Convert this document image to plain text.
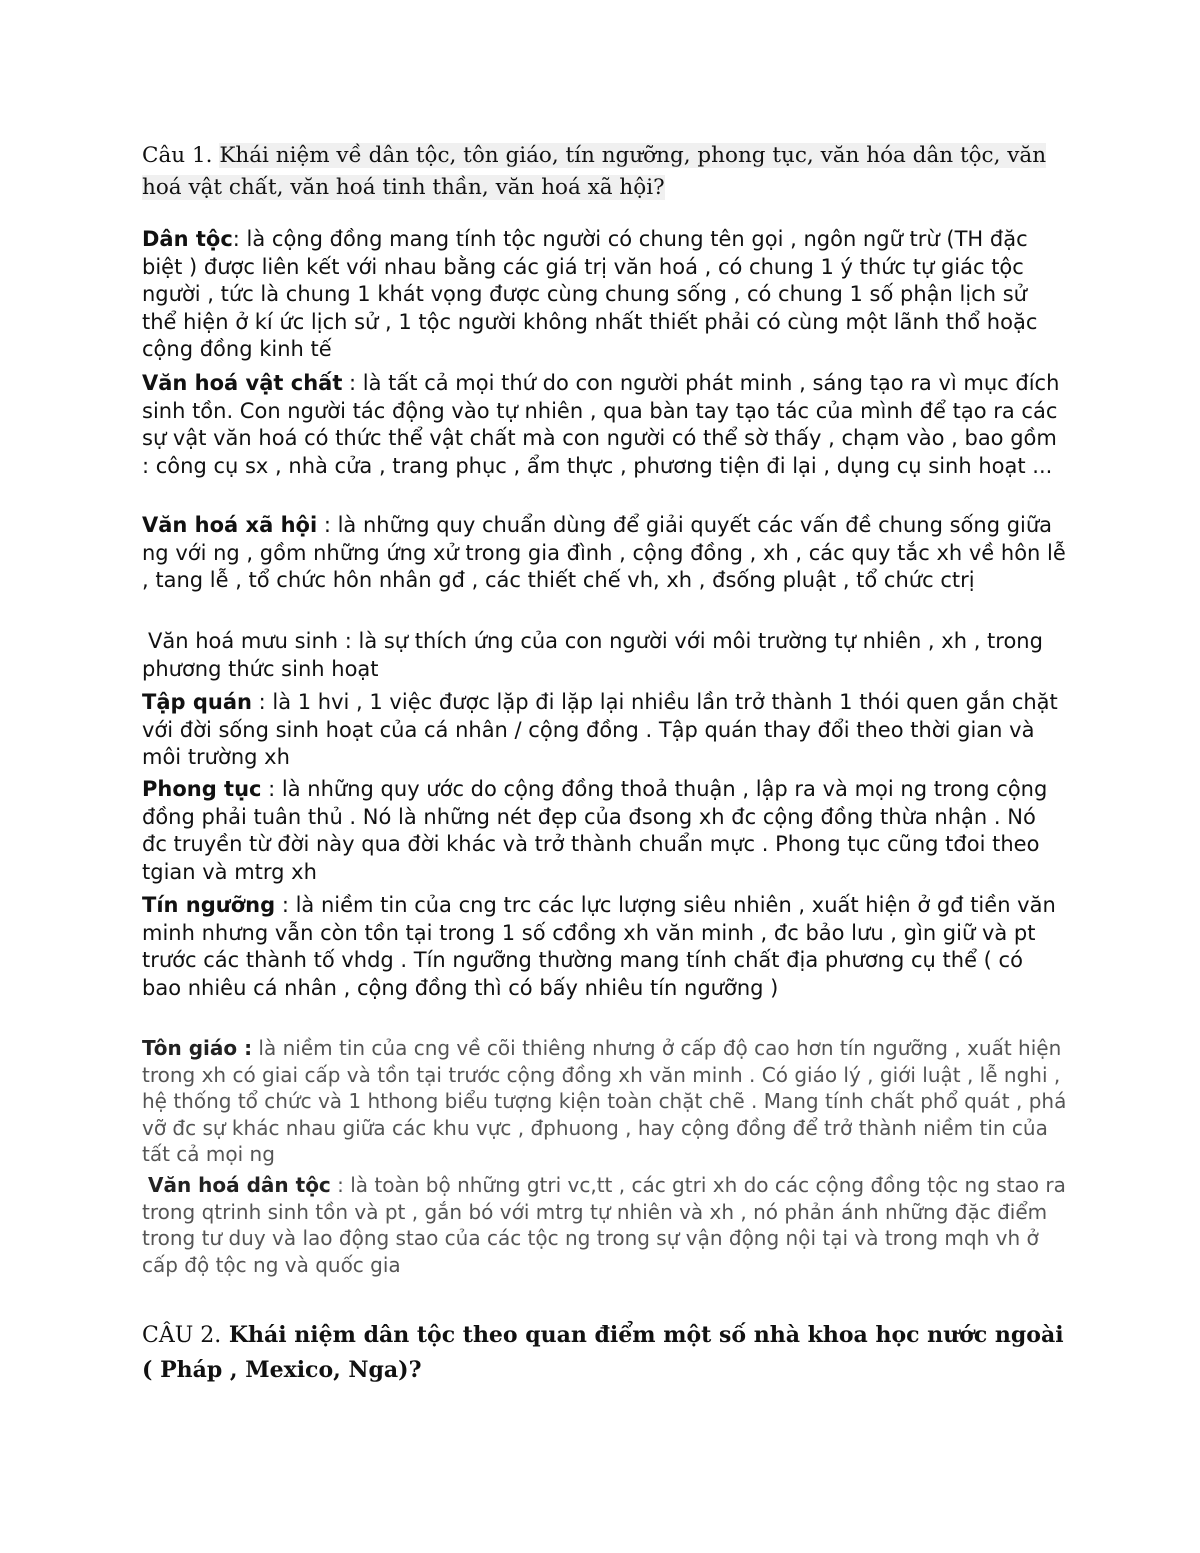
Câu 1. Khái niệm về dân tộc, tôn giáo, tín ngưỡng, phong tục, văn hóa dân tộc, văn hoá vật chất, văn hoá tinh thần, văn hoá xã hội?

Dân tộc: là cộng đồng mang tính tộc người có chung tên gọi , ngôn ngữ trừ (TH đặc biệt ) được liên kết với nhau bằng các giá trị văn hoá , có chung 1 ý thức tự giác tộc người , tức là chung 1 khát vọng được cùng chung sống , có chung 1 số phận lịch sử thể hiện ở kí ức lịch sử , 1 tộc người không nhất thiết phải có cùng một lãnh thổ hoặc cộng đồng kinh tế

Văn hoá vật chất : là tất cả mọi thứ do con người phát minh , sáng tạo ra vì mục đích sinh tồn. Con người tác động vào tự nhiên , qua bàn tay tạo tác của mình để tạo ra các sự vật văn hoá có thức thể vật chất mà con người có thể sờ thấy , chạm vào , bao gồm : công cụ sx , nhà cửa , trang phục , ẩm thực , phương tiện đi lại , dụng cụ sinh hoạt ...

Văn hoá xã hội : là những quy chuẩn dùng để giải quyết các vấn đề chung sống giữa ng với ng , gồm những ứng xử trong gia đình , cộng đồng , xh , các quy tắc xh về hôn lễ , tang lễ , tổ chức hôn nhân gđ , các thiết chế vh, xh , đsống pluật , tổ chức ctrị

Văn hoá mưu sinh : là sự thích ứng của con người với môi trường tự nhiên , xh , trong phương thức sinh hoạt

Tập quán : là 1 hvi , 1 việc được lặp đi lặp lại nhiều lần trở thành 1 thói quen gắn chặt với đời sống sinh hoạt của cá nhân / cộng đồng . Tập quán thay đổi theo thời gian và môi trường xh

Phong tục : là những quy ước do cộng đồng thoả thuận , lập ra và mọi ng trong cộng đồng phải tuân thủ . Nó là những nét đẹp của đsong xh đc cộng đồng thừa nhận . Nó đc truyền từ đời này qua đời khác và trở thành chuẩn mực . Phong tục cũng tđoi theo tgian và mtrg xh

Tín ngưỡng : là niềm tin của cng trc các lực lượng siêu nhiên , xuất hiện ở gđ tiền văn minh nhưng vẫn còn tồn tại trong 1 số cđồng xh văn minh , đc bảo lưu , gìn giữ và pt trước các thành tố vhdg . Tín ngưỡng thường mang tính chất địa phương cụ thể ( có bao nhiêu cá nhân , cộng đồng thì có bấy nhiêu tín ngưỡng )

Tôn giáo : là niềm tin của cng về cõi thiêng nhưng ở cấp độ cao hơn tín ngưỡng , xuất hiện trong xh có giai cấp và tồn tại trước cộng đồng xh văn minh . Có giáo lý , giới luật , lễ nghi , hệ thống tổ chức và 1 hthong biểu tượng kiện toàn chặt chẽ . Mang tính chất phổ quát , phá vỡ đc sự khác nhau giữa các khu vực , đphuong , hay cộng đồng để trở thành niềm tin của tất cả mọi ng

Văn hoá dân tộc : là toàn bộ những gtri vc,tt , các gtri xh do các cộng đồng tộc ng stao ra trong qtrinh sinh tồn và pt , gắn bó với mtrg tự nhiên và xh , nó phản ánh những đặc điểm trong tư duy và lao động stao của các tộc ng trong sự vận động nội tại và trong mqh vh ở cấp độ tộc ng và quốc gia

CÂU 2. Khái niệm dân tộc theo quan điểm một số nhà khoa học nước ngoài ( Pháp , Mexico, Nga)?
